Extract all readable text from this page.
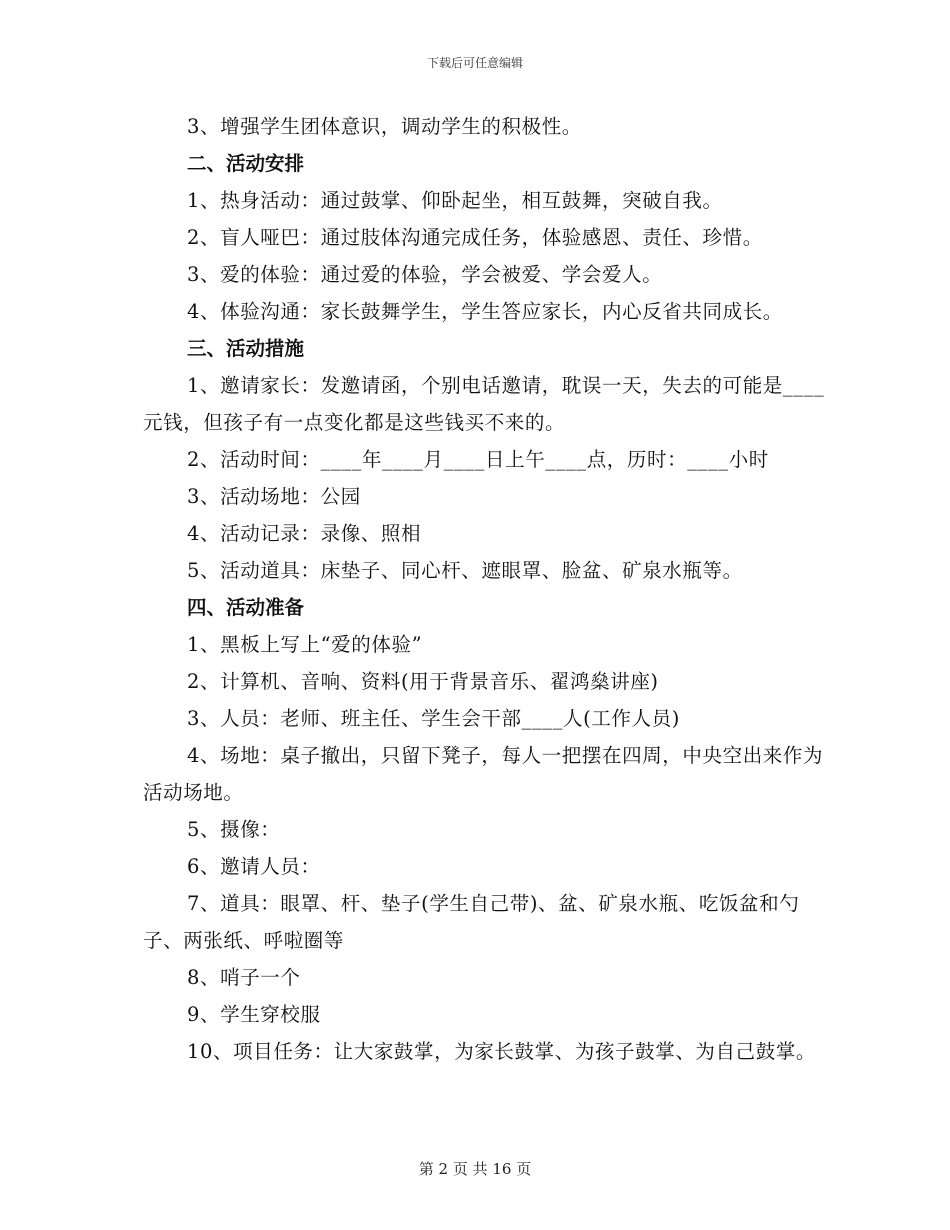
下载后可任意编辑

3、增强学生团体意识，调动学生的积极性。

二、活动安排

1、热身活动：通过鼓掌、仰卧起坐，相互鼓舞，突破自我。

2、盲人哑巴：通过肢体沟通完成任务，体验感恩、责任、珍惜。

3、爱的体验：通过爱的体验，学会被爱、学会爱人。

4、体验沟通：家长鼓舞学生，学生答应家长，内心反省共同成长。

三、活动措施

1、邀请家长：发邀请函，个别电话邀请，耽误一天，失去的可能是____元钱，但孩子有一点变化都是这些钱买不来的。

2、活动时间：____年____月____日上午____点，历时：____小时

3、活动场地：公园

4、活动记录：录像、照相

5、活动道具：床垫子、同心杆、遮眼罩、脸盆、矿泉水瓶等。

四、活动准备

1、黑板上写上“爱的体验”

2、计算机、音响、资料(用于背景音乐、翟鸿燊讲座)

3、人员：老师、班主任、学生会干部____人(工作人员)

4、场地：桌子撤出，只留下凳子，每人一把摆在四周，中央空出来作为活动场地。

5、摄像：

6、邀请人员：

7、道具：眼罩、杆、垫子(学生自己带)、盆、矿泉水瓶、吃饭盆和勺子、两张纸、呼啦圈等

8、哨子一个

9、学生穿校服

10、项目任务：让大家鼓掌，为家长鼓掌、为孩子鼓掌、为自己鼓掌。

第 2 页 共 16 页
